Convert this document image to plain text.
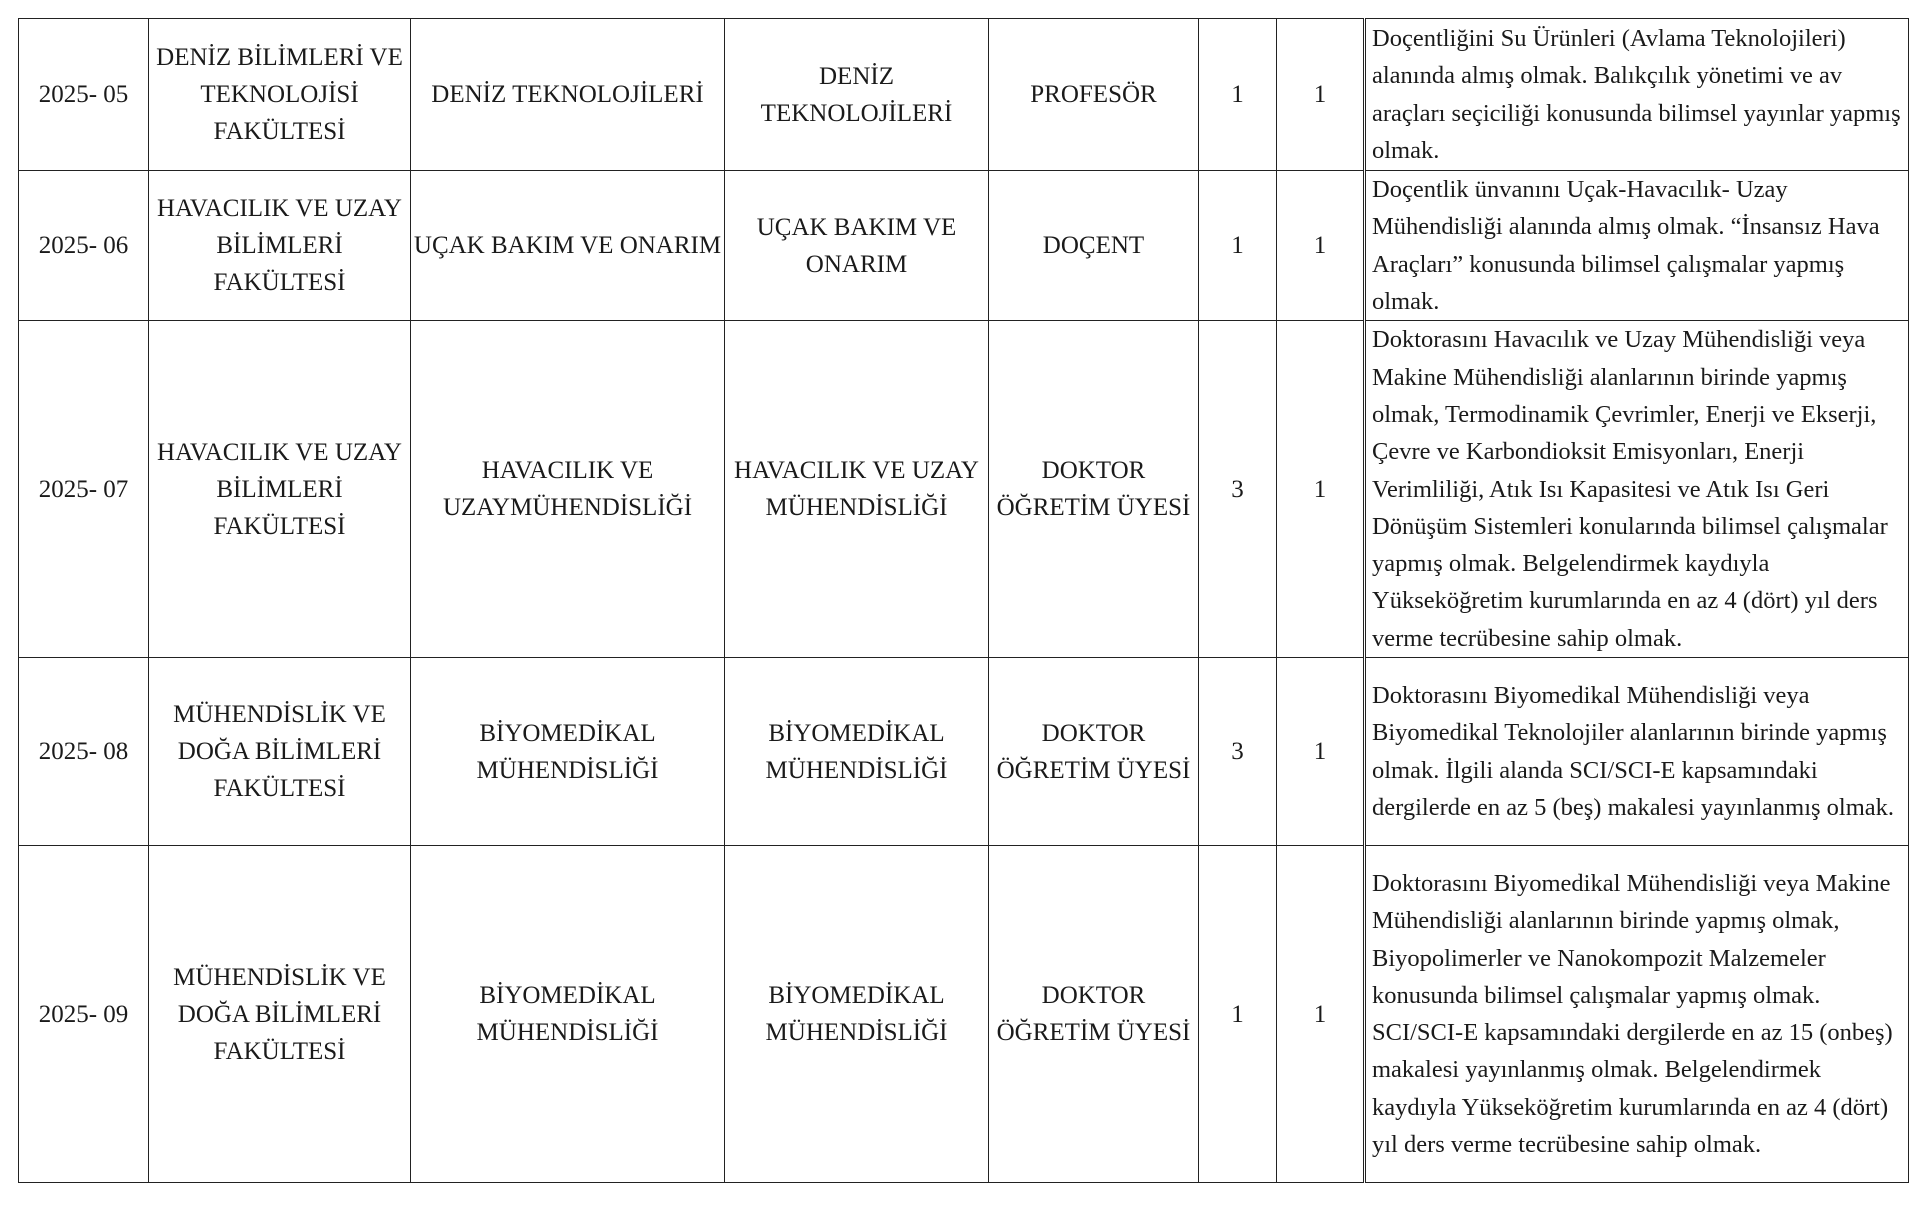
2025- 05	DENİZ BİLİMLERİ VE TEKNOLOJİSİ FAKÜLTESİ	DENİZ TEKNOLOJİLERİ	DENİZ TEKNOLOJİLERİ	PROFESÖR	1	1	Doçentliğini Su Ürünleri (Avlama Teknolojileri) alanında almış olmak. Balıkçılık yönetimi ve av araçları seçiciliği konusunda bilimsel yayınlar yapmış olmak.

2025- 06	HAVACILIK VE UZAY BİLİMLERİ FAKÜLTESİ	UÇAK BAKIM VE ONARIM	UÇAK BAKIM VE ONARIM	DOÇENT	1	1	Doçentlik ünvanını Uçak-Havacılık- Uzay Mühendisliği alanında almış olmak. “İnsansız Hava Araçları” konusunda bilimsel çalışmalar yapmış olmak.

2025- 07	HAVACILIK VE UZAY BİLİMLERİ FAKÜLTESİ	HAVACILIK VE UZAYMÜHENDİSLİĞİ	HAVACILIK VE UZAY MÜHENDİSLİĞİ	DOKTOR ÖĞRETİM ÜYESİ	3	1	Doktorasını Havacılık ve Uzay Mühendisliği veya Makine Mühendisliği alanlarının birinde yapmış olmak, Termodinamik Çevrimler, Enerji ve Ekserji, Çevre ve Karbondioksit Emisyonları, Enerji Verimliliği, Atık Isı Kapasitesi ve Atık Isı Geri Dönüşüm Sistemleri konularında bilimsel çalışmalar yapmış olmak. Belgelendirmek kaydıyla Yükseköğretim kurumlarında en az 4 (dört) yıl ders verme tecrübesine sahip olmak.

2025- 08	MÜHENDİSLİK VE DOĞA BİLİMLERİ FAKÜLTESİ	BİYOMEDİKAL MÜHENDİSLİĞİ	BİYOMEDİKAL MÜHENDİSLİĞİ	DOKTOR ÖĞRETİM ÜYESİ	3	1	Doktorasını Biyomedikal Mühendisliği veya Biyomedikal Teknolojiler alanlarının birinde yapmış olmak. İlgili alanda SCI/SCI-E kapsamındaki dergilerde en az 5 (beş) makalesi yayınlanmış olmak.

2025- 09	MÜHENDİSLİK VE DOĞA BİLİMLERİ FAKÜLTESİ	BİYOMEDİKAL MÜHENDİSLİĞİ	BİYOMEDİKAL MÜHENDİSLİĞİ	DOKTOR ÖĞRETİM ÜYESİ	1	1	Doktorasını Biyomedikal Mühendisliği veya Makine Mühendisliği alanlarının birinde yapmış olmak, Biyopolimerler ve Nanokompozit Malzemeler konusunda bilimsel çalışmalar yapmış olmak. SCI/SCI-E kapsamındaki dergilerde en az 15 (onbeş) makalesi yayınlanmış olmak. Belgelendirmek kaydıyla Yükseköğretim kurumlarında en az 4 (dört) yıl ders verme tecrübesine sahip olmak.
